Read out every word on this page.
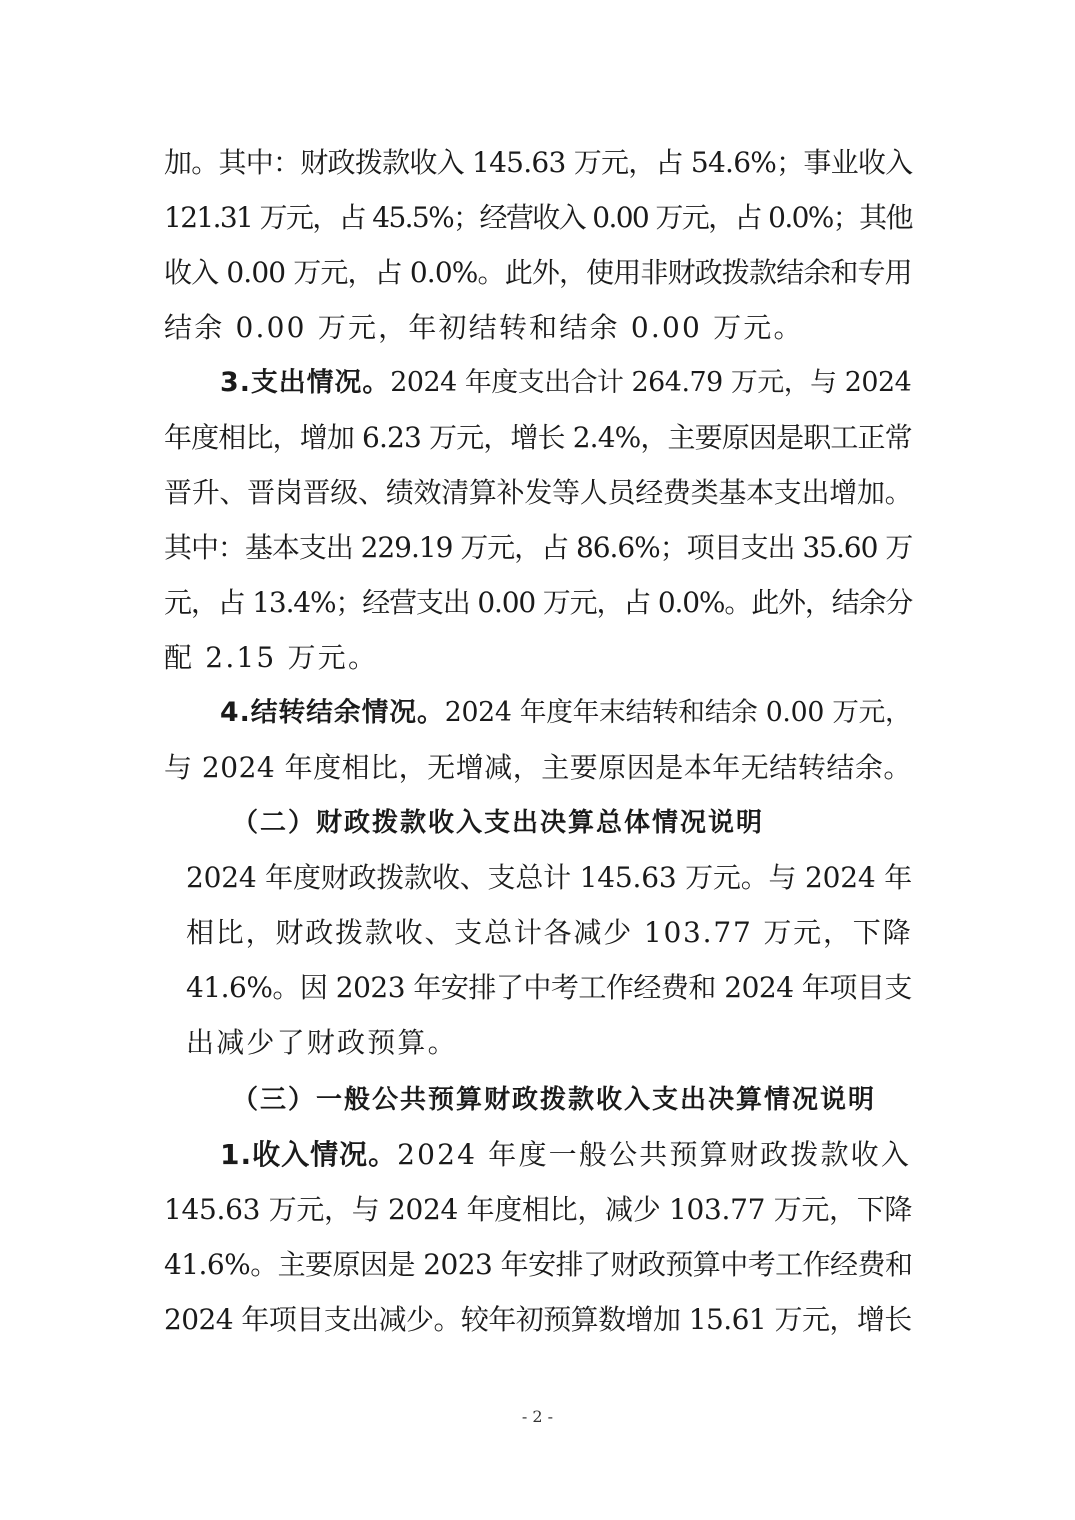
加。其中：财政拨款收入 145.63 万元，占 54.6%；事业收入
121.31 万元，占 45.5%；经营收入 0.00 万元，占 0.0%；其他
收入 0.00 万元，占 0.0%。此外，使用非财政拨款结余和专用
结余 0.00 万元，年初结转和结余 0.00 万元。
3.支出情况。2024 年度支出合计 264.79 万元，与 2024
年度相比，增加 6.23 万元，增长 2.4%，主要原因是职工正常
晋升、晋岗晋级、绩效清算补发等人员经费类基本支出增加。
其中：基本支出 229.19 万元，占 86.6%；项目支出 35.60 万
元，占 13.4%；经营支出 0.00 万元，占 0.0%。此外，结余分
配 2.15 万元。
4.结转结余情况。2024 年度年末结转和结余 0.00 万元，
与 2024 年度相比，无增减，主要原因是本年无结转结余。
（二）财政拨款收入支出决算总体情况说明
2024 年度财政拨款收、支总计 145.63 万元。与 2024 年
相比，财政拨款收、支总计各减少 103.77 万元，下降
41.6%。因 2023 年安排了中考工作经费和 2024 年项目支
出减少了财政预算。
（三）一般公共预算财政拨款收入支出决算情况说明
1.收入情况。2024 年度一般公共预算财政拨款收入
145.63 万元，与 2024 年度相比，减少 103.77 万元，下降
41.6%。主要原因是 2023 年安排了财政预算中考工作经费和
2024 年项目支出减少。较年初预算数增加 15.61 万元，增长
- 2 -
